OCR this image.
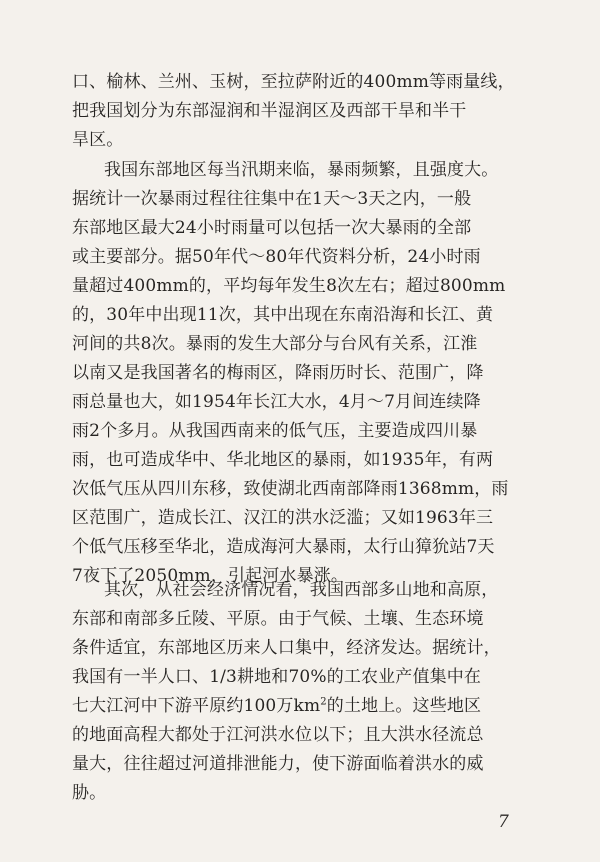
口、榆林、兰州、玉树，至拉萨附近的400mm等雨量线，
把我国划分为东部湿润和半湿润区及西部干旱和半干
旱区。
我国东部地区每当汛期来临，暴雨频繁，且强度大。
据统计一次暴雨过程往往集中在1天～3天之内，一般
东部地区最大24小时雨量可以包括一次大暴雨的全部
或主要部分。据50年代～80年代资料分析，24小时雨
量超过400mm的，平均每年发生8次左右；超过800mm
的，30年中出现11次，其中出现在东南沿海和长江、黄
河间的共8次。暴雨的发生大部分与台风有关系，江淮
以南又是我国著名的梅雨区，降雨历时长、范围广，降
雨总量也大，如1954年长江大水，4月～7月间连续降
雨2个多月。从我国西南来的低气压，主要造成四川暴
雨，也可造成华中、华北地区的暴雨，如1935年，有两
次低气压从四川东移，致使湖北西南部降雨1368mm，雨
区范围广，造成长江、汉江的洪水泛滥；又如1963年三
个低气压移至华北，造成海河大暴雨，太行山獐狁站7天
7夜下了2050mm，引起河水暴涨。
其次，从社会经济情况看，我国西部多山地和高原，
东部和南部多丘陵、平原。由于气候、土壤、生态环境
条件适宜，东部地区历来人口集中，经济发达。据统计，
我国有一半人口、1/3耕地和70%的工农业产值集中在
七大江河中下游平原约100万$km^2$的土地上。这些地区
的地面高程大都处于江河洪水位以下；且大洪水径流总
量大，往往超过河道排泄能力，使下游面临着洪水的威
胁。
7
